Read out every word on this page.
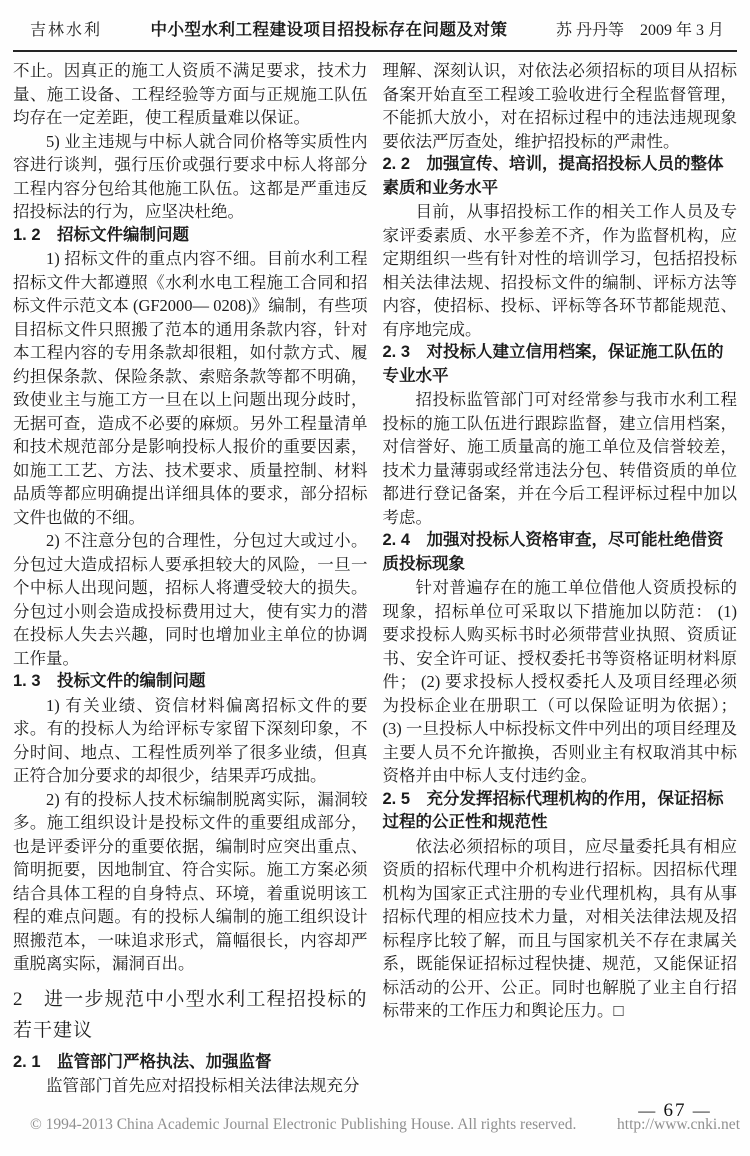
吉林水利	中小型水利工程建设项目招投标存在问题及对策	苏 丹丹等　2009 年 3 月

不止。因真正的施工人资质不满足要求，技术力量、施工设备、工程经验等方面与正规施工队伍均存在一定差距，使工程质量难以保证。

5) 业主违规与中标人就合同价格等实质性内容进行谈判，强行压价或强行要求中标人将部分工程内容分包给其他施工队伍。这都是严重违反招投标法的行为，应坚决杜绝。

1. 2　招标文件编制问题

1) 招标文件的重点内容不细。目前水利工程招标文件大都遵照《水利水电工程施工合同和招标文件示范文本 (GF2000— 0208)》编制，有些项目招标文件只照搬了范本的通用条款内容，针对本工程内容的专用条款却很粗，如付款方式、履约担保条款、保险条款、索赔条款等都不明确，致使业主与施工方一旦在以上问题出现分歧时，无据可查，造成不必要的麻烦。另外工程量清单和技术规范部分是影响投标人报价的重要因素，如施工工艺、方法、技术要求、质量控制、材料品质等都应明确提出详细具体的要求，部分招标文件也做的不细。

2) 不注意分包的合理性，分包过大或过小。分包过大造成招标人要承担较大的风险，一旦一个中标人出现问题，招标人将遭受较大的损失。分包过小则会造成投标费用过大，使有实力的潜在投标人失去兴趣，同时也增加业主单位的协调工作量。

1. 3　投标文件的编制问题

1) 有关业绩、资信材料偏离招标文件的要求。有的投标人为给评标专家留下深刻印象，不分时间、地点、工程性质列举了很多业绩，但真正符合加分要求的却很少，结果弄巧成拙。

2) 有的投标人技术标编制脱离实际，漏洞较多。施工组织设计是投标文件的重要组成部分，也是评委评分的重要依据，编制时应突出重点、简明扼要，因地制宜、符合实际。施工方案必须结合具体工程的自身特点、环境，着重说明该工程的难点问题。有的投标人编制的施工组织设计照搬范本，一味追求形式，篇幅很长，内容却严重脱离实际，漏洞百出。

2　进一步规范中小型水利工程招投标的若干建议
2. 1　监管部门严格执法、加强监督

监管部门首先应对招投标相关法律法规充分

理解、深刻认识，对依法必须招标的项目从招标备案开始直至工程竣工验收进行全程监督管理，不能抓大放小，对在招标过程中的违法违规现象要依法严厉查处，维护招投标的严肃性。

2. 2　加强宣传、培训，提高招投标人员的整体素质和业务水平

目前，从事招投标工作的相关工作人员及专家评委素质、水平参差不齐，作为监督机构，应定期组织一些有针对性的培训学习，包括招投标相关法律法规、招投标文件的编制、评标方法等内容，使招标、投标、评标等各环节都能规范、有序地完成。

2. 3　对投标人建立信用档案，保证施工队伍的专业水平

招投标监管部门可对经常参与我市水利工程投标的施工队伍进行跟踪监督，建立信用档案，对信誉好、施工质量高的施工单位及信誉较差，技术力量薄弱或经常违法分包、转借资质的单位都进行登记备案，并在今后工程评标过程中加以考虑。

2. 4　加强对投标人资格审查，尽可能杜绝借资质投标现象

针对普遍存在的施工单位借他人资质投标的现象，招标单位可采取以下措施加以防范： (1) 要求投标人购买标书时必须带营业执照、资质证书、安全许可证、授权委托书等资格证明材料原件； (2) 要求投标人授权委托人及项目经理必须为投标企业在册职工（可以保险证明为依据）；(3) 一旦投标人中标投标文件中列出的项目经理及主要人员不允许撤换，否则业主有权取消其中标资格并由中标人支付违约金。

2. 5　充分发挥招标代理机构的作用，保证招标过程的公正性和规范性

依法必须招标的项目，应尽量委托具有相应资质的招标代理中介机构进行招标。因招标代理机构为国家正式注册的专业代理机构，具有从事招标代理的相应技术力量，对相关法律法规及招标程序比较了解，而且与国家机关不存在隶属关系，既能保证招标过程快捷、规范，又能保证招标活动的公开、公正。同时也解脱了业主自行招标带来的工作压力和舆论压力。□

— 67 —
© 1994-2013 China Academic Journal Electronic Publishing House. All rights reserved.	http://www.cnki.net
